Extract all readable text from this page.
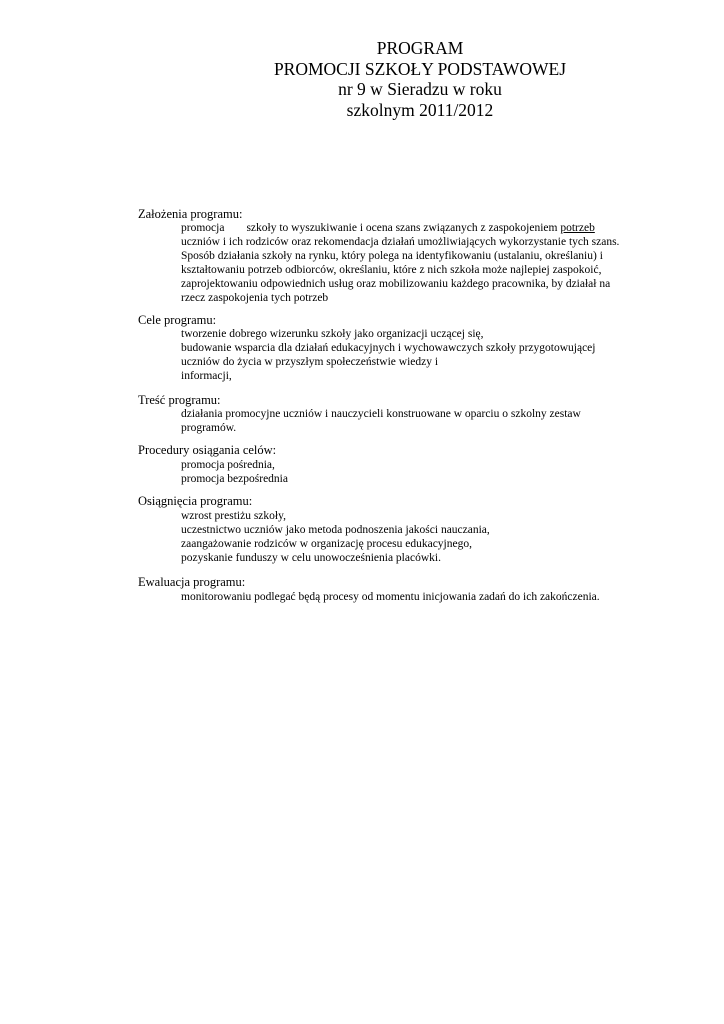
PROGRAM
PROMOCJI SZKOŁY PODSTAWOWEJ
nr 9 w Sieradzu w roku
szkolnym 2011/2012
Założenia programu:
promocja szkoły to wyszukiwanie i ocena szans związanych z zaspokojeniem potrzeb
uczniów i ich rodziców oraz rekomendacja działań umożliwiających wykorzystanie tych szans.
Sposób działania szkoły na rynku, który polega na identyfikowaniu (ustalaniu, określaniu) i
kształtowaniu potrzeb odbiorców, określaniu, które z nich szkoła może najlepiej zaspokoić,
zaprojektowaniu odpowiednich usług oraz mobilizowaniu każdego pracownika, by działał na
rzecz zaspokojenia tych potrzeb
Cele programu:
tworzenie dobrego wizerunku szkoły jako organizacji uczącej się,
budowanie wsparcia dla działań edukacyjnych i wychowawczych szkoły przygotowującej
uczniów do życia w przyszłym społeczeństwie wiedzy i
informacji,
Treść programu:
działania promocyjne uczniów i nauczycieli konstruowane w oparciu o szkolny zestaw
programów.
Procedury osiągania celów:
promocja pośrednia,
promocja bezpośrednia
Osiągnięcia programu:
wzrost prestiżu szkoły,
uczestnictwo uczniów jako metoda podnoszenia jakości nauczania,
zaangażowanie rodziców w organizację procesu edukacyjnego,
pozyskanie funduszy w celu unowocześnienia placówki.
Ewaluacja programu:
monitorowaniu podlegać będą procesy od momentu inicjowania zadań do ich zakończenia.
